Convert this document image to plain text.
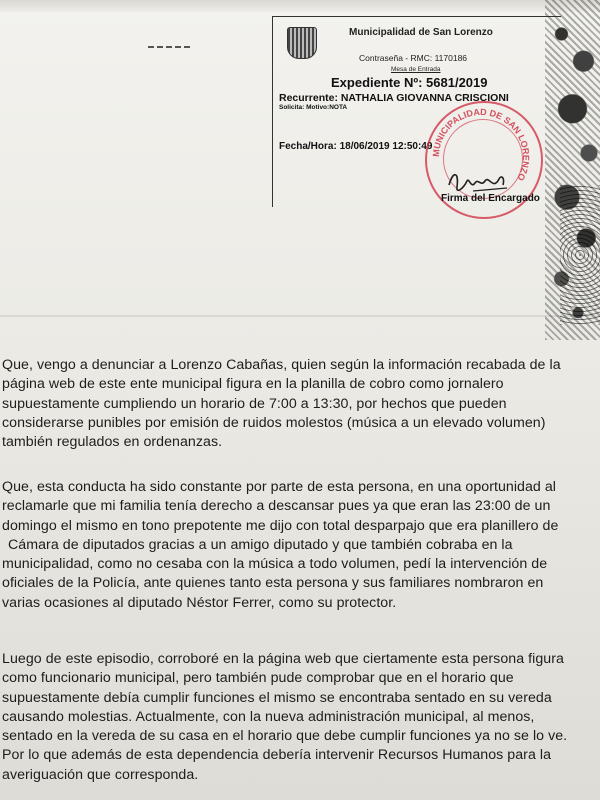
Municipalidad de San Lorenzo
Contraseña - RMC: 1170186
Mesa de Entrada
Expediente Nº: 5681/2019
Recurrente: NATHALIA GIOVANNA CRISCIONI
Solicita: Motivo:NOTA
Fecha/Hora: 18/06/2019 12:50:49
MUNICIPALIDAD DE SAN LORENZO
Firma del Encargado
Que, vengo a denunciar a Lorenzo Cabañas, quien según la información recabada de la
página web de este ente municipal figura en la planilla de cobro como jornalero
supuestamente cumpliendo un horario de 7:00 a 13:30, por hechos que pueden
considerarse punibles por emisión de ruidos molestos (música a un elevado volumen)
también regulados en ordenanzas.
Que, esta conducta ha sido constante por parte de esta persona, en una oportunidad al
reclamarle que mi familia tenía derecho a descansar pues ya que eran las 23:00 de un
domingo el mismo en tono prepotente me dijo con total desparpajo que era planillero de
Cámara de diputados gracias a un amigo diputado y que también cobraba en la
municipalidad, como no cesaba con la música a todo volumen, pedí la intervención de
oficiales de la Policía, ante quienes tanto esta persona y sus familiares nombraron en
varias ocasiones al diputado Néstor Ferrer, como su protector.
Luego de este episodio, corroboré en la página web que ciertamente esta persona figura
como funcionario municipal, pero también pude comprobar que en el horario que
supuestamente debía cumplir funciones el mismo se encontraba sentado en su vereda
causando molestias. Actualmente, con la nueva administración municipal, al menos,
sentado en la vereda de su casa en el horario que debe cumplir funciones ya no se lo ve.
Por lo que además de esta dependencia debería intervenir Recursos Humanos para la
averiguación que corresponda.
